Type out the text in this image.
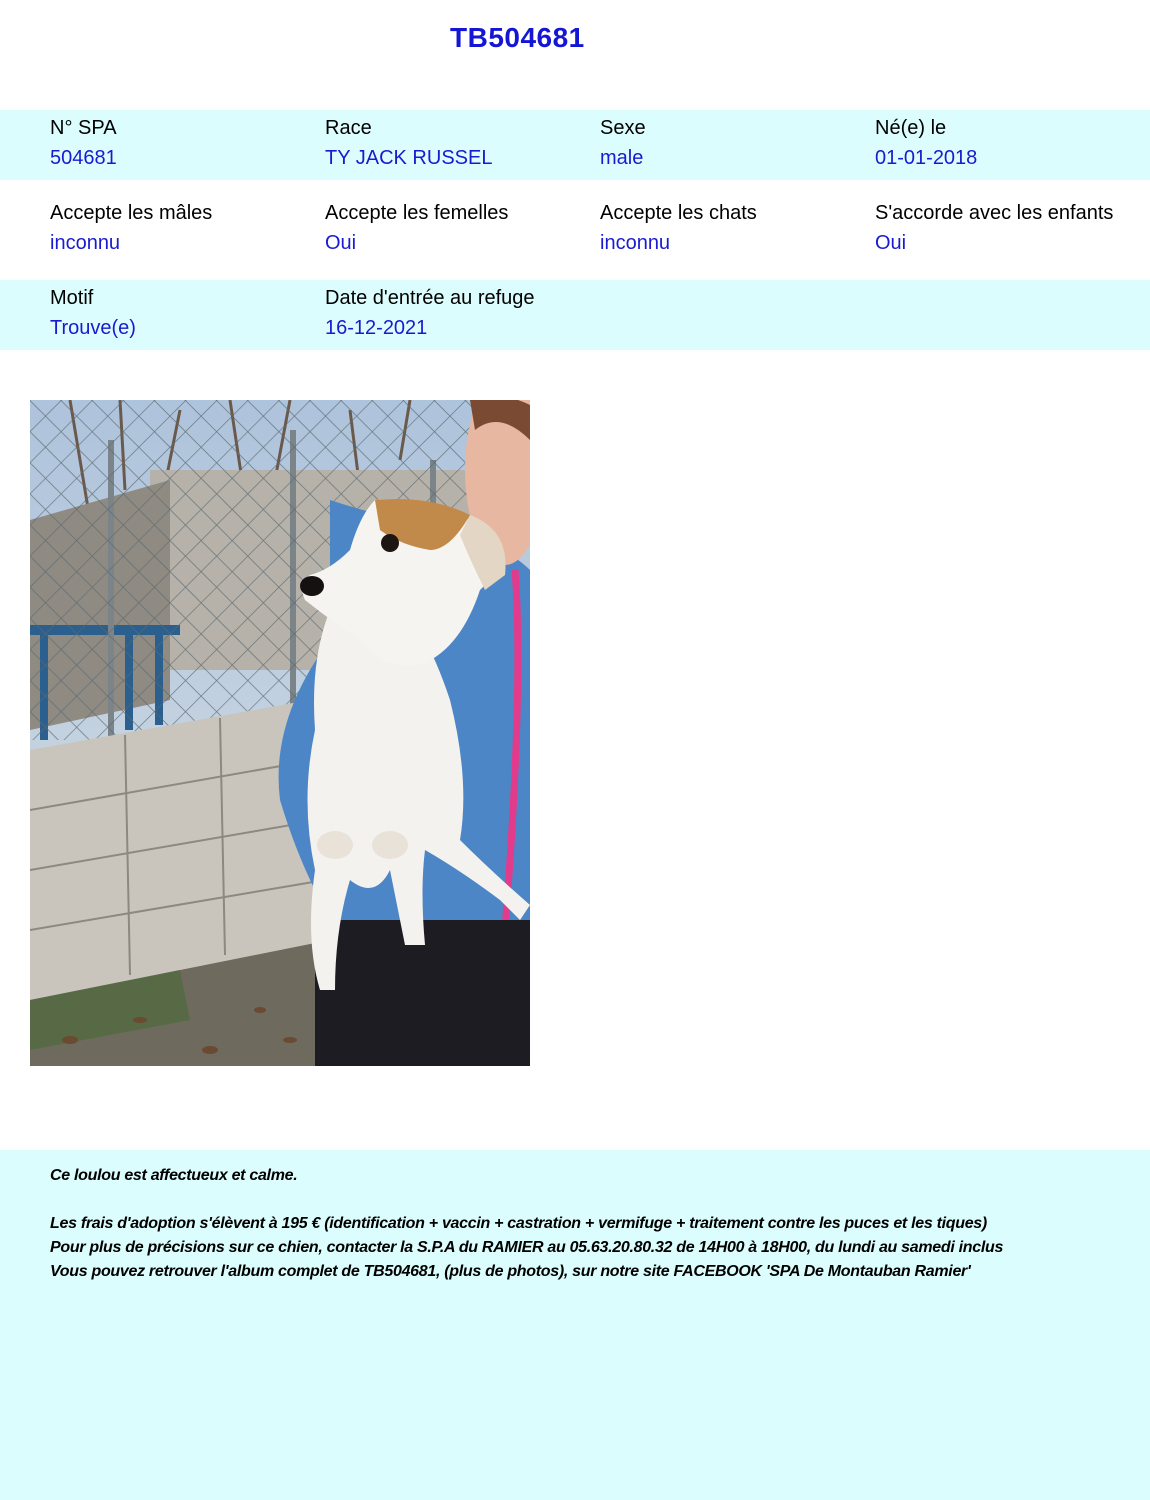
TB504681
N° SPA
504681
Race
TY JACK RUSSEL
Sexe
male
Né(e) le
01-01-2018
Accepte les mâles
inconnu
Accepte les femelles
Oui
Accepte les chats
inconnu
S'accorde avec les enfants
Oui
Motif
Trouve(e)
Date d'entrée au refuge
16-12-2021

Ce loulou est affectueux et calme.

Les frais d'adoption s'élèvent à 195 € (identification + vaccin + castration + vermifuge + traitement contre les puces et les tiques)

Pour plus de précisions sur ce chien, contacter la S.P.A du RAMIER au 05.63.20.80.32 de 14H00 à 18H00, du lundi au samedi inclus

Vous pouvez retrouver l'album complet de TB504681, (plus de photos), sur notre site FACEBOOK 'SPA De Montauban Ramier'
